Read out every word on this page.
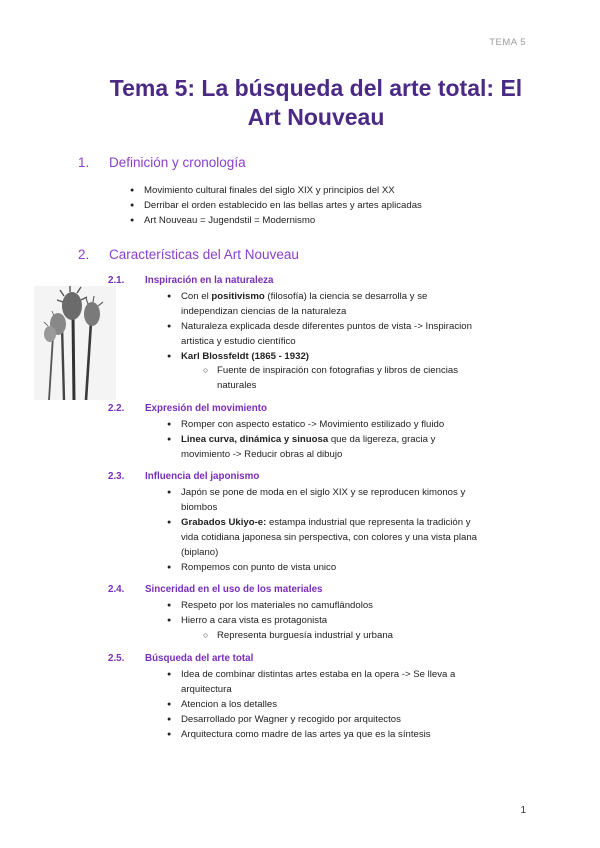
TEMA 5
Tema 5: La búsqueda del arte total: El
Art Nouveau
1. Definición y cronología
● Movimiento cultural finales del siglo XIX y principios del XX
● Derribar el orden establecido en las bellas artes y artes aplicadas
● Art Nouveau = Jugendstil = Modernismo
2. Características del Art Nouveau
2.1. Inspiración en la naturaleza
● Con el positivismo (filosofía) la ciencia se desarrolla y se
independizan ciencias de la naturaleza
● Naturaleza explicada desde diferentes puntos de vista -> Inspiracion
artistica y estudio científico
● Karl Blossfeldt (1865 - 1932)
○ Fuente de inspiración con fotografias y libros de ciencias
naturales
2.2. Expresión del movimiento
● Romper con aspecto estatico -> Movimiento estilizado y fluido
● Linea curva, dinámica y sinuosa que da ligereza, gracia y
movimiento -> Reducir obras al dibujo
2.3. Influencia del japonismo
● Japón se pone de moda en el siglo XIX y se reproducen kimonos y
biombos
● Grabados Ukiyo-e: estampa industrial que representa la tradición y
vida cotidiana japonesa sin perspectiva, con colores y una vista plana
(biplano)
● Rompemos con punto de vista unico
2.4. Sinceridad en el uso de los materiales
● Respeto por los materiales no camufländolos
● Hierro a cara vista es protagonista
○ Representa burguesía industrial y urbana
2.5. Búsqueda del arte total
● Idea de combinar distintas artes estaba en la opera -> Se lleva a
arquitectura
● Atencion a los detalles
● Desarrollado por Wagner y recogido por arquitectos
● Arquitectura como madre de las artes ya que es la síntesis
1
